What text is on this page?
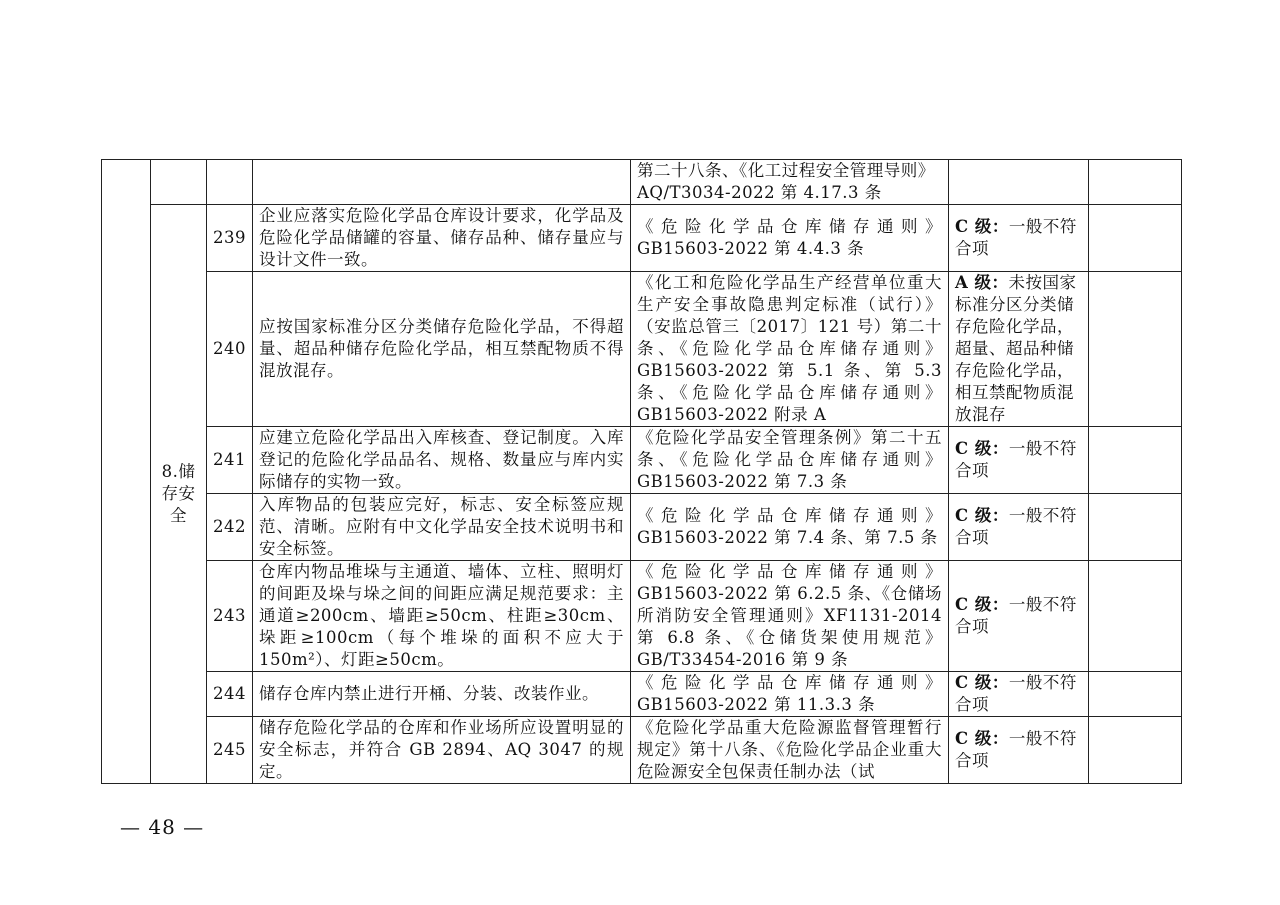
				第二十八条、《化工过程安全管理导则》
AQ/T3034-2022 第 4.17.3 条		
	8.储
存安
全	239	企业应落实危险化学品仓库设计要求，化学品及危险化学品储罐的容量、储存品种、储存量应与设计文件一致。	《危险化学品仓库储存通则》GB15603-2022 第 4.4.3 条	C 级：一般不符合项	
		240	应按国家标准分区分类储存危险化学品，不得超量、超品种储存危险化学品，相互禁配物质不得混放混存。	《化工和危险化学品生产经营单位重大生产安全事故隐患判定标准（试行）》（安监总管三〔2017〕121 号）第二十条、《危险化学品仓库储存通则》GB15603-2022 第 5.1 条、第 5.3 条、《危险化学品仓库储存通则》GB15603-2022 附录 A	A 级：未按国家标准分区分类储存危险化学品，超量、超品种储存危险化学品，相互禁配物质混放混存	
		241	应建立危险化学品出入库核查、登记制度。入库登记的危险化学品品名、规格、数量应与库内实际储存的实物一致。	《危险化学品安全管理条例》第二十五条、《危险化学品仓库储存通则》GB15603-2022 第 7.3 条	C 级：一般不符合项	
		242	入库物品的包装应完好，标志、安全标签应规范、清晰。应附有中文化学品安全技术说明书和安全标签。	《危险化学品仓库储存通则》GB15603-2022 第 7.4 条、第 7.5 条	C 级：一般不符合项	
		243	仓库内物品堆垛与主通道、墙体、立柱、照明灯的间距及垛与垛之间的间距应满足规范要求：主通道≥200cm、墙距≥50cm、柱距≥30cm、垛距≥100cm（每个堆垛的面积不应大于150m²）、灯距≥50cm。	《危险化学品仓库储存通则》GB15603-2022 第 6.2.5 条、《仓储场所消防安全管理通则》XF1131-2014 第 6.8 条、《仓储货架使用规范》GB/T33454-2016 第 9 条	C 级：一般不符合项	
		244	储存仓库内禁止进行开桶、分装、改装作业。	《危险化学品仓库储存通则》GB15603-2022 第 11.3.3 条	C 级：一般不符合项	
		245	储存危险化学品的仓库和作业场所应设置明显的安全标志，并符合 GB 2894、AQ 3047 的规定。	《危险化学品重大危险源监督管理暂行规定》第十八条、《危险化学品企业重大危险源安全包保责任制办法（试	C 级：一般不符合项	
— 48 —
